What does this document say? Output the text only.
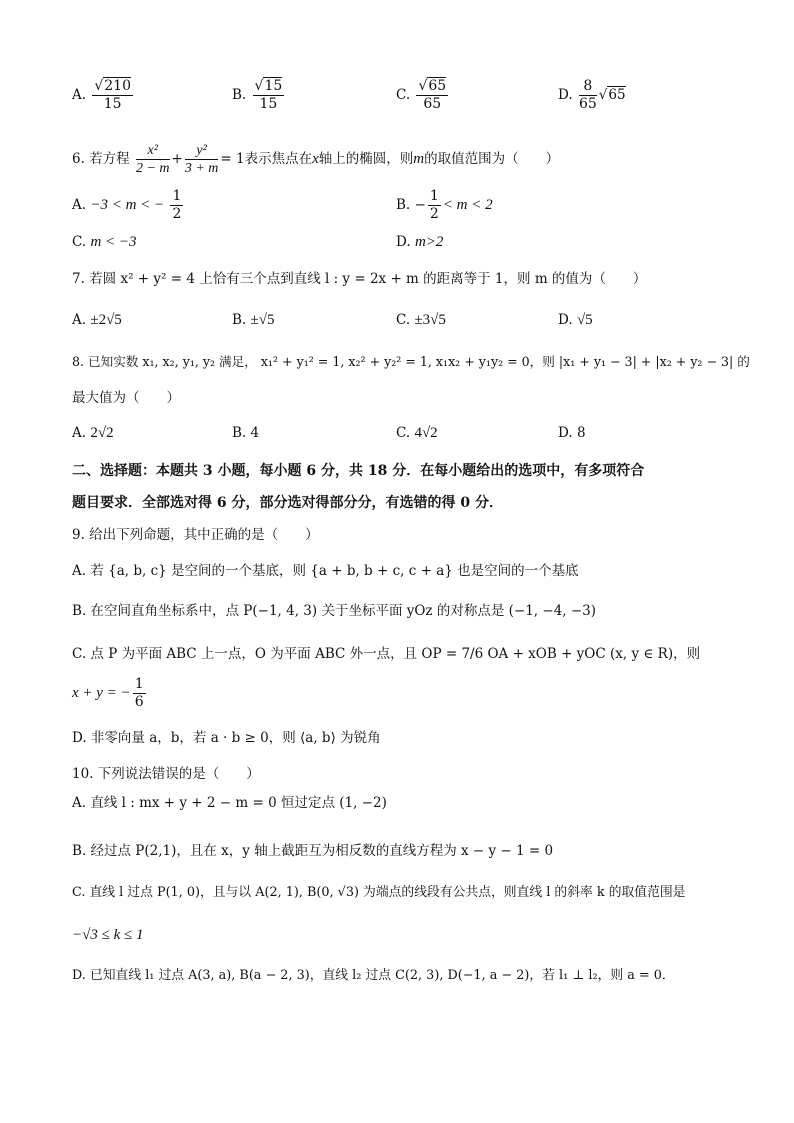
A. $\frac{√210}{15}$	B. $\frac{√15}{15}$	C. $\frac{√65}{65}$	D. $\frac{8}{65} √65$
6. 若方程 $\frac{\text{x²}}{2 - m} + \frac{\text{y²}}{3 + m} = 1$表示焦点在x轴上的椭圆，则m的取值范围为（　　）
A. −3 < m < − $\frac{1}{2}$	B. − $\frac{1}{2} < m < 2$
C. m < −3	D. m>2
7. 若圆 x² + y² = 4 上恰有三个点到直线 l : y = 2x + m 的距离等于 1，则 m 的值为（　　）
A. ±2√5	B. ±√5	C. ±3√5	D. √5
8. 已知实数 x₁, x₂, y₁, y₂ 满足， x₁² + y₁² = 1, x₂² + y₂² = 1, x₁x₂ + y₁y₂ = 0，则 |x₁ + y₁ − 3| + |x₂ + y₂ − 3| 的
最大值为（　　）
A. 2√2	B. 4	C. 4√2	D. 8
二、选择题：本题共 3 小题，每小题 6 分，共 18 分．在每小题给出的选项中，有多项符合
题目要求．全部选对得 6 分，部分选对得部分分，有选错的得 0 分．
9. 给出下列命题，其中正确的是（　　）
A. 若 {a, b, c} 是空间的一个基底，则 {a + b, b + c, c + a} 也是空间的一个基底
B. 在空间直角坐标系中，点 P(−1, 4, 3) 关于坐标平面 yOz 的对称点是 (−1, −4, −3)
C. 点 P 为平面 ABC 上一点，O 为平面 ABC 外一点，且 OP = 7/6 OA + xOB + yOC (x, y ∈ R)，则
x + y = − $\frac{1}{6}$
D. 非零向量 a，b，若 a · b ≥ 0，则 ⟨a, b⟩ 为锐角
10. 下列说法错误的是（　　）
A. 直线 l : mx + y + 2 − m = 0 恒过定点 (1, −2)
B. 经过点 P(2,1)，且在 x，y 轴上截距互为相反数的直线方程为 x − y − 1 = 0
C. 直线 l 过点 P(1, 0)，且与以 A(2, 1), B(0, √3) 为端点的线段有公共点，则直线 l 的斜率 k 的取值范围是
−√3 ≤ k ≤ 1
D. 已知直线 l₁ 过点 A(3, a), B(a − 2, 3)，直线 l₂ 过点 C(2, 3), D(−1, a − 2)，若 l₁ ⊥ l₂，则 a = 0．
